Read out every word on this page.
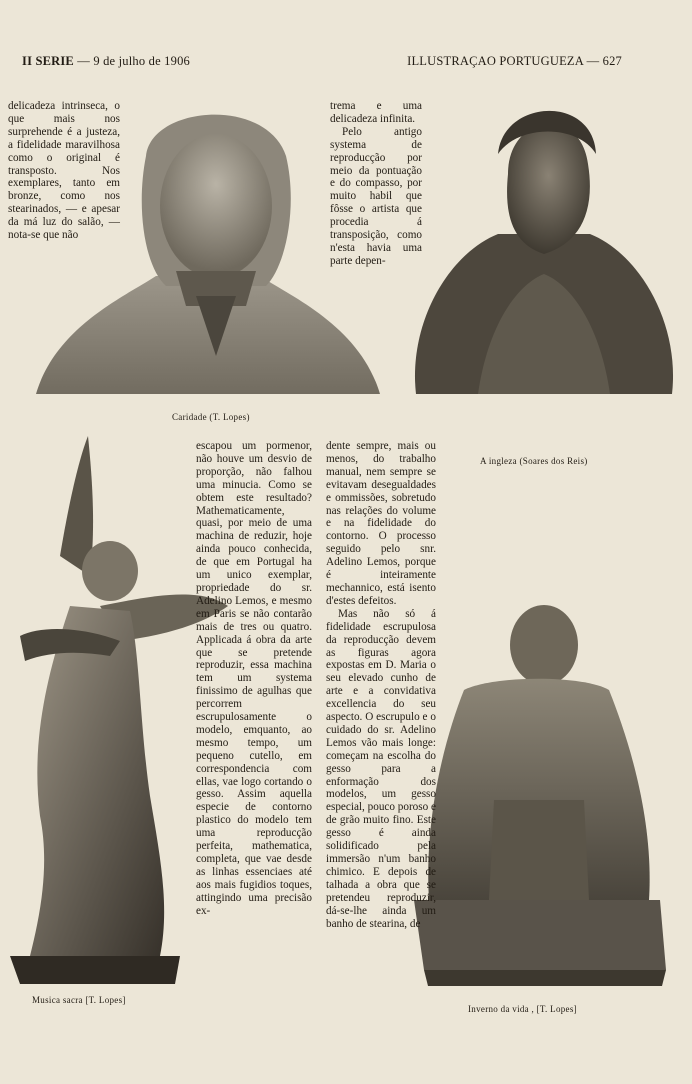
II SERIE — 9 de julho de 1906	ILLUSTRAÇAO PORTUGUEZA — 627
Caridade (T. Lopes)
A ingleza (Soares dos Reis)
Musica sacra [T. Lopes]
Inverno da vida , [T. Lopes]

delicadeza intrinseca, o que mais nos surprehende é a justeza, a fidelidade maravilhosa como o original é transposto. Nos exemplares, tanto em bronze, como nos stearinados, — e apesar da má luz do salão, —nota-se que não

trema e uma delicadeza infinita.

Pelo antigo systema de reproducção por meio da pontuação e do compasso, por muito habil que fôsse o artista que procedia á transposição, como n'esta havia uma parte depen-

escapou um pormenor, não houve um desvio de proporção, não falhou uma minucia. Como se obtem este resultado? Mathematicamente, quasi, por meio de uma machina de reduzir, hoje ainda pouco conhecida, de que em Portugal ha um unico exemplar, propriedade do sr. Adelino Lemos, e mesmo em Paris se não contarão mais de tres ou quatro. Applicada á obra da arte que se pretende reproduzir, essa machina tem um systema finissimo de agulhas que percorrem escrupulosamente o modelo, emquanto, ao mesmo tempo, um pequeno cutello, em correspondencia com ellas, vae logo cortando o gesso. Assim aquella especie de contorno plastico do modelo tem uma reproducção perfeita, mathematica, completa, que vae desde as linhas essenciaes até aos mais fugidios toques, attingindo uma precisão ex-

dente sempre, mais ou menos, do trabalho manual, nem sempre se evitavam desegualdades e ommissões, sobretudo nas relações do volume e na fidelidade do contorno. O processo seguido pelo snr. Adelino Lemos, porque é inteiramente mechannico, está isento d'estes defeitos.

Mas não só á fidelidade escrupulosa da reproducção devem as figuras agora expostas em D. Maria o seu elevado cunho de arte e a convidativa excellencia do seu aspecto. O escrupulo e o cuidado do sr. Adelino Lemos vão mais longe: começam na escolha do gesso para a enformação dos modelos, um gesso especial, pouco poroso e de grão muito fino. Este gesso é ainda solidificado pela immersão n'um banho chimico. E depois de talhada a obra que se pretendeu reproduzir, dá-se-lhe ainda um banho de stearina, de
